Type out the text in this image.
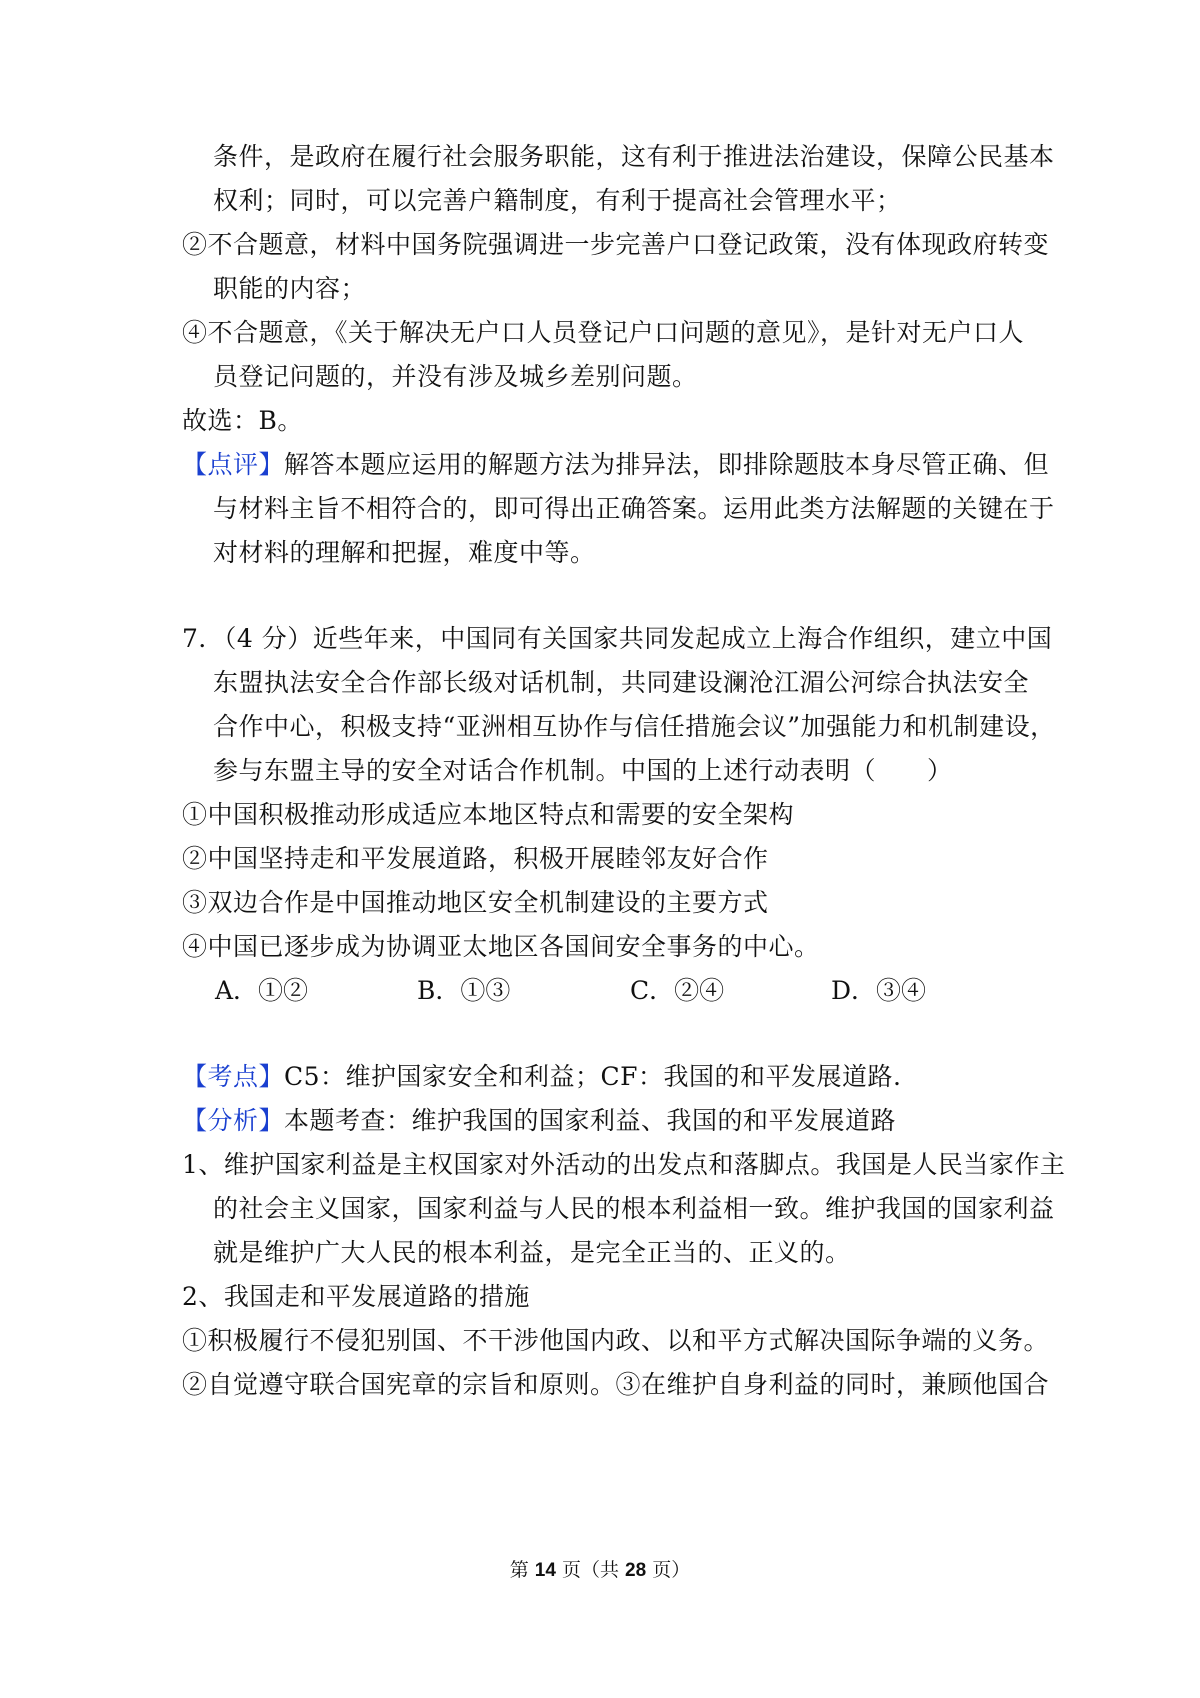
条件，是政府在履行社会服务职能，这有利于推进法治建设，保障公民基本
权利；同时，可以完善户籍制度，有利于提高社会管理水平；
②不合题意，材料中国务院强调进一步完善户口登记政策，没有体现政府转变
职能的内容；
④不合题意，《关于解决无户口人员登记户口问题的意见》，是针对无户口人
员登记问题的，并没有涉及城乡差别问题。
故选：B。
【点评】解答本题应运用的解题方法为排异法，即排除题肢本身尽管正确、但
与材料主旨不相符合的，即可得出正确答案。运用此类方法解题的关键在于
对材料的理解和把握，难度中等。
7．（4 分）近些年来，中国同有关国家共同发起成立上海合作组织，建立中国
东盟执法安全合作部长级对话机制，共同建设澜沧江湄公河综合执法安全
合作中心，积极支持“亚洲相互协作与信任措施会议”加强能力和机制建设，
参与东盟主导的安全对话合作机制。中国的上述行动表明（　　）
①中国积极推动形成适应本地区特点和需要的安全架构
②中国坚持走和平发展道路，积极开展睦邻友好合作
③双边合作是中国推动地区安全机制建设的主要方式
④中国已逐步成为协调亚太地区各国间安全事务的中心。
A．①②	B．①③	C．②④	D．③④
【考点】C5：维护国家安全和利益；CF：我国的和平发展道路.
【分析】本题考查：维护我国的国家利益、我国的和平发展道路
1、维护国家利益是主权国家对外活动的出发点和落脚点。我国是人民当家作主
的社会主义国家，国家利益与人民的根本利益相一致。维护我国的国家利益
就是维护广大人民的根本利益，是完全正当的、正义的。
2、我国走和平发展道路的措施
①积极履行不侵犯别国、不干涉他国内政、以和平方式解决国际争端的义务。
②自觉遵守联合国宪章的宗旨和原则。③在维护自身利益的同时，兼顾他国合
第 14 页（共 28 页）
